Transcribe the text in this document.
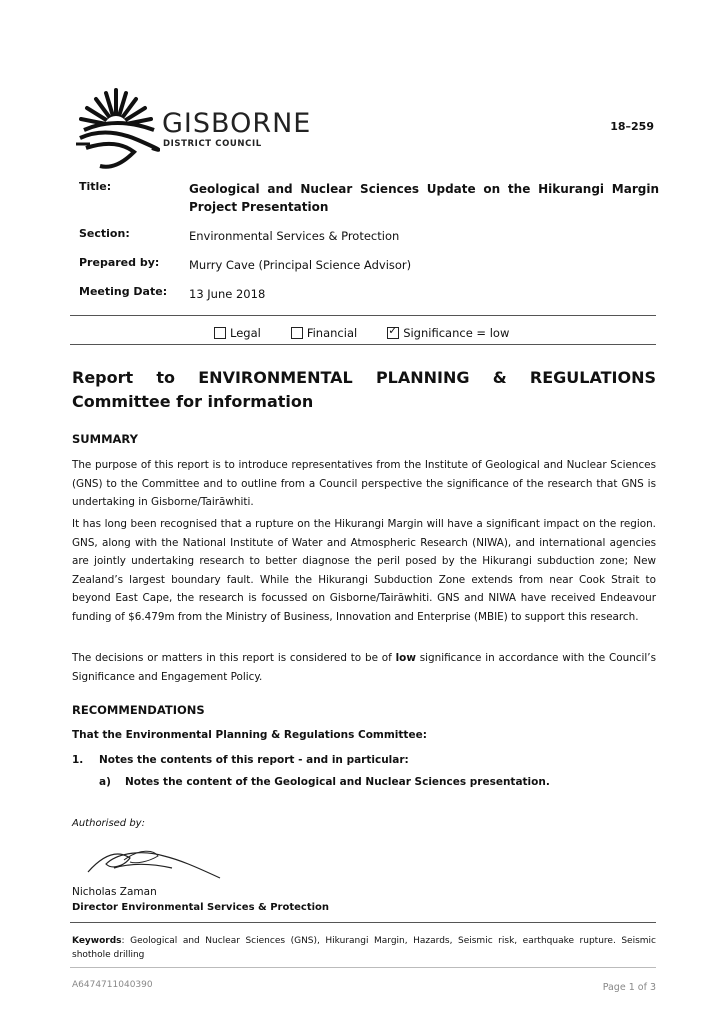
GISBORNE
DISTRICT COUNCIL
18–259
Title:	Geological and Nuclear Sciences Update on the Hikurangi Margin Project Presentation
Section:	Environmental Services & Protection
Prepared by:	Murry Cave (Principal Science Advisor)
Meeting Date:	13 June 2018
Legal	Financial
✓	Significance = low
Report to ENVIRONMENTAL PLANNING & REGULATIONS Committee for information
SUMMARY
The purpose of this report is to introduce representatives from the Institute of Geological and Nuclear Sciences (GNS) to the Committee and to outline from a Council perspective the significance of the research that GNS is undertaking in Gisborne/Tairāwhiti.
It has long been recognised that a rupture on the Hikurangi Margin will have a significant impact on the region. GNS, along with the National Institute of Water and Atmospheric Research (NIWA), and international agencies are jointly undertaking research to better diagnose the peril posed by the Hikurangi subduction zone; New Zealand’s largest boundary fault. While the Hikurangi Subduction Zone extends from near Cook Strait to beyond East Cape, the research is focussed on Gisborne/Tairāwhiti. GNS and NIWA have received Endeavour funding of $6.479m from the Ministry of Business, Innovation and Enterprise (MBIE) to support this research.
The decisions or matters in this report is considered to be of low significance in accordance with the Council’s Significance and Engagement Policy.
RECOMMENDATIONS
That the Environmental Planning & Regulations Committee:
1. Notes the contents of this report - and in particular:
a) Notes the content of the Geological and Nuclear Sciences presentation.
Authorised by:
Nicholas Zaman
Director Environmental Services & Protection
Keywords: Geological and Nuclear Sciences (GNS), Hikurangi Margin, Hazards, Seismic risk, earthquake rupture. Seismic shothole drilling
A6474711040390	Page 1 of 3
